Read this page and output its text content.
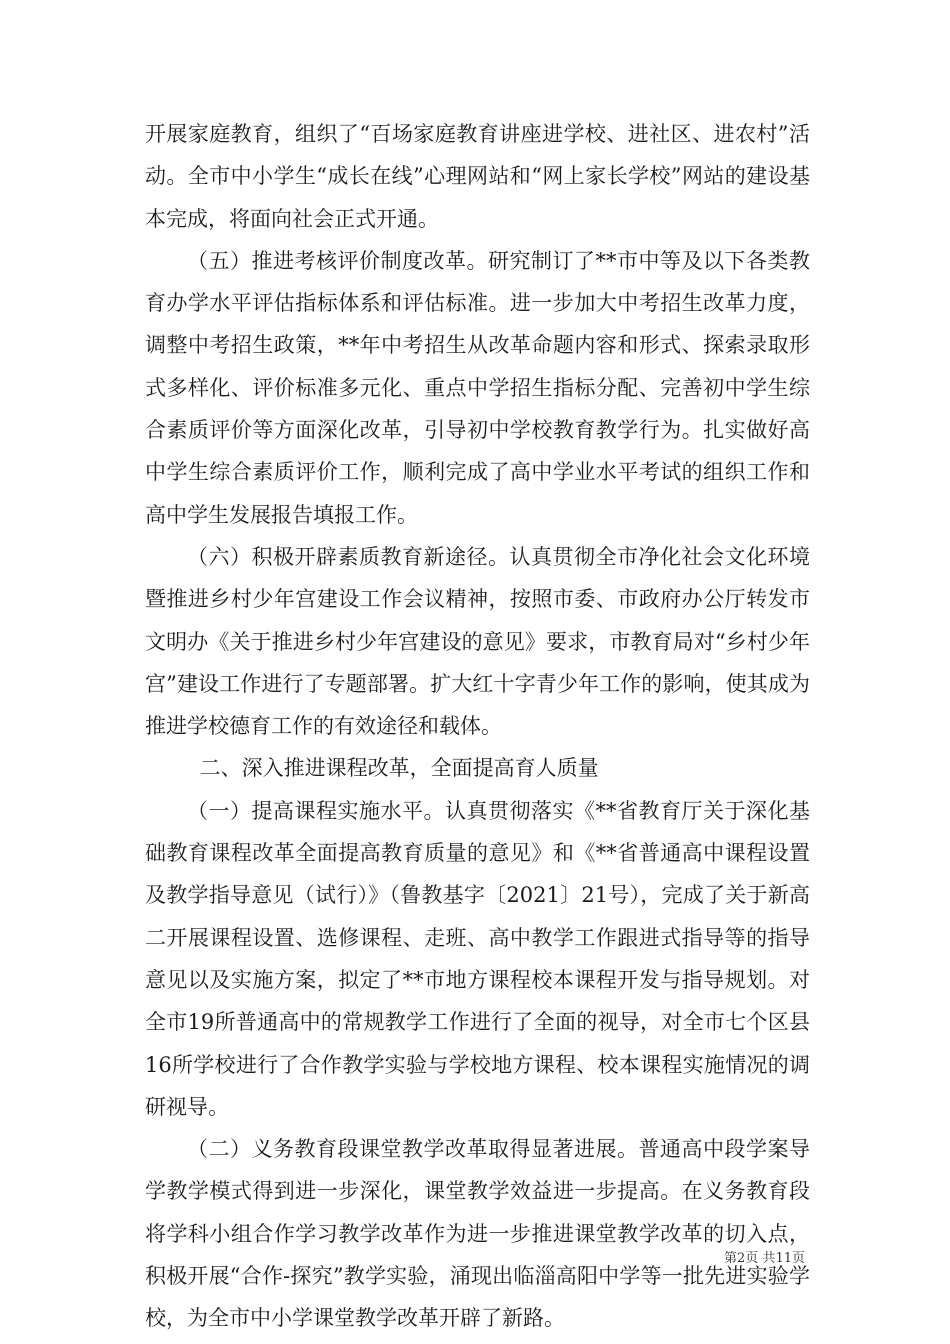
开展家庭教育，组织了“百场家庭教育讲座进学校、进社区、进农村”活动。全市中小学生“成长在线”心理网站和“网上家长学校”网站的建设基本完成，将面向社会正式开通。

（五）推进考核评价制度改革。研究制订了**市中等及以下各类教育办学水平评估指标体系和评估标准。进一步加大中考招生改革力度，调整中考招生政策，**年中考招生从改革命题内容和形式、探索录取形式多样化、评价标准多元化、重点中学招生指标分配、完善初中学生综合素质评价等方面深化改革，引导初中学校教育教学行为。扎实做好高中学生综合素质评价工作，顺利完成了高中学业水平考试的组织工作和高中学生发展报告填报工作。

（六）积极开辟素质教育新途径。认真贯彻全市净化社会文化环境暨推进乡村少年宫建设工作会议精神，按照市委、市政府办公厅转发市文明办《关于推进乡村少年宫建设的意见》要求，市教育局对“乡村少年宫”建设工作进行了专题部署。扩大红十字青少年工作的影响，使其成为推进学校德育工作的有效途径和载体。

二、深入推进课程改革，全面提高育人质量

（一）提高课程实施水平。认真贯彻落实《**省教育厅关于深化基础教育课程改革全面提高教育质量的意见》和《**省普通高中课程设置及教学指导意见（试行）》（鲁教基字〔2021〕21号），完成了关于新高二开展课程设置、选修课程、走班、高中教学工作跟进式指导等的指导意见以及实施方案，拟定了**市地方课程校本课程开发与指导规划。对全市19所普通高中的常规教学工作进行了全面的视导，对全市七个区县16所学校进行了合作教学实验与学校地方课程、校本课程实施情况的调研视导。

（二）义务教育段课堂教学改革取得显著进展。普通高中段学案导学教学模式得到进一步深化，课堂教学效益进一步提高。在义务教育段将学科小组合作学习教学改革作为进一步推进课堂教学改革的切入点，积极开展“合作-探究”教学实验，涌现出临淄高阳中学等一批先进实验学校，为全市中小学课堂教学改革开辟了新路。

第2页 共11页
